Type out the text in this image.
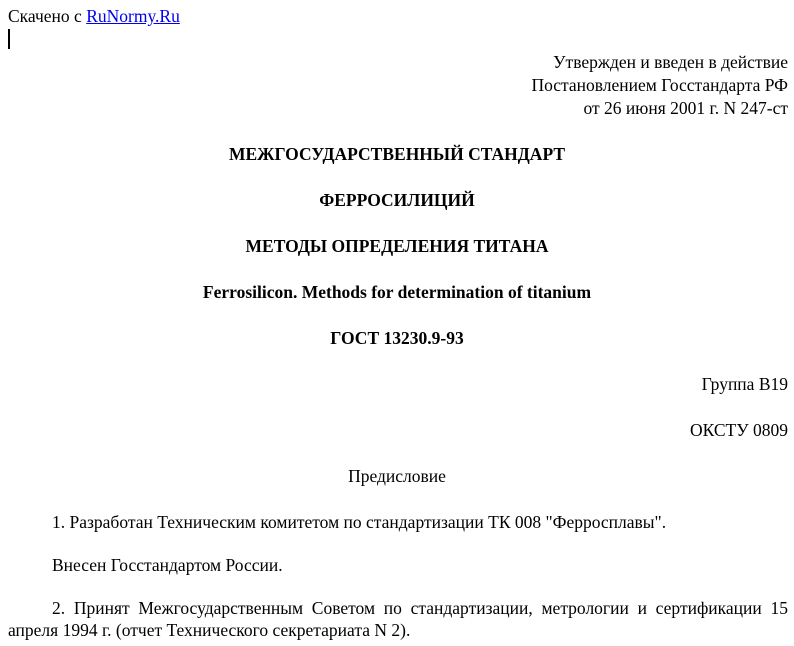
Скачено с RuNormy.Ru
Утвержден и введен в действие
Постановлением Госстандарта РФ
от 26 июня 2001 г. N 247-ст
МЕЖГОСУДАРСТВЕННЫЙ СТАНДАРТ
ФЕРРОСИЛИЦИЙ
МЕТОДЫ ОПРЕДЕЛЕНИЯ ТИТАНА
Ferrosilicon. Methods for determination of titanium
ГОСТ 13230.9-93
Группа В19
ОКСТУ 0809
Предисловие
1. Разработан Техническим комитетом по стандартизации ТК 008 "Ферросплавы".
Внесен Госстандартом России.
2. Принят Межгосударственным Советом по стандартизации, метрологии и сертификации 15 апреля 1994 г. (отчет Технического секретариата N 2).
